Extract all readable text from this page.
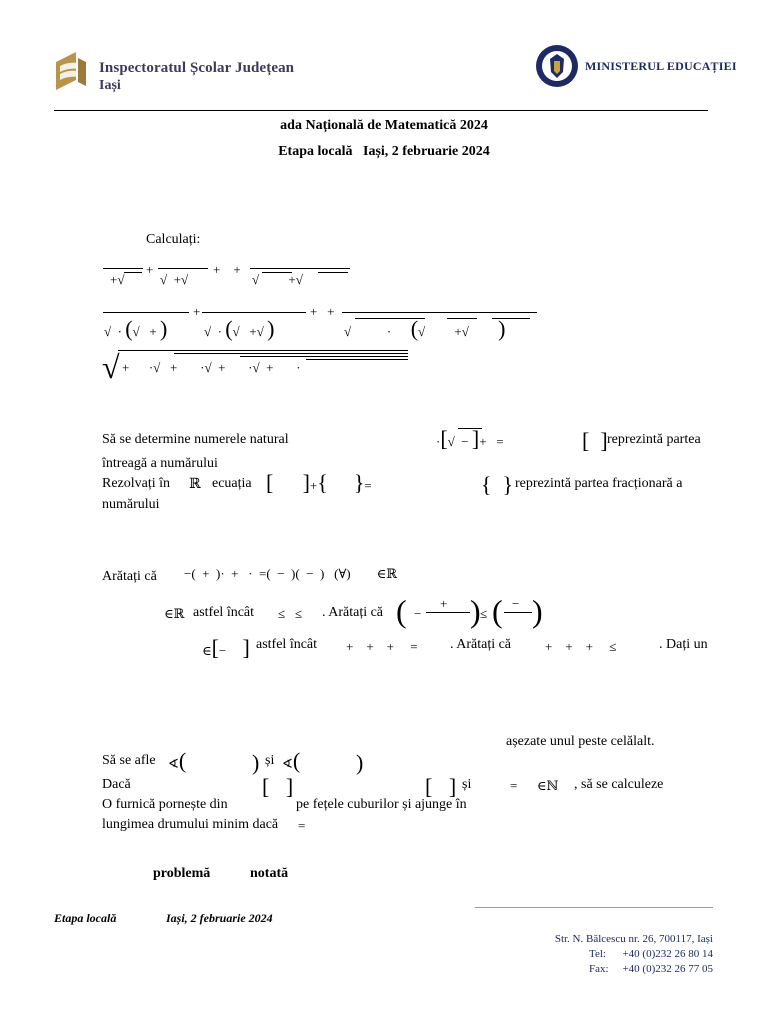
Inspectoratul Școlar Județean
Iași
MINISTERUL EDUCAȚIEI
ada Națională de Matematică 2024
Etapa locală   Iași, 2 februarie 2024
Calculați:
+√
+
√  +√
+    +
√         +√
√  · (√   + )
+
√  · (√   +√ )
+   +
√           ·      (√         +√         )
√ +      ·√   +       ·√  +       ·√  +       ·
Să se determine numerele natural	·[√  − ]+   =	[  ] reprezintă partea
întreagă a numărului
Rezolvați în ℝ ecuația [ ]+{ }=	{  } reprezintă partea fracționară a
numărului
Arătați că −(  +  )·  +   ·  =(  −  )(  −  )   (∀)        ∈ℝ
∈ℝ astfel încât ≤   ≤ . Arătați că ( −
+ ) ≤ ( − )
∈[−     ] astfel încât +    +    +     = . Arătați că	+    +    +     ≤	. Dați un
așezate unul peste celălalt.
Să se afle ∢(	) și ∢(	)
Dacă	[   ]	[   ] și	=      ∈ℕ , să se calculeze
O furnică pornește din	pe fețele cuburilor și ajunge în
lungimea drumului minim dacă =
problemă	notată
Etapa locală	Iași, 2 februarie 2024
Str. N. Bălcescu nr. 26, 700117, Iași
Tel: +40 (0)232 26 80 14
Fax: +40 (0)232 26 77 05
